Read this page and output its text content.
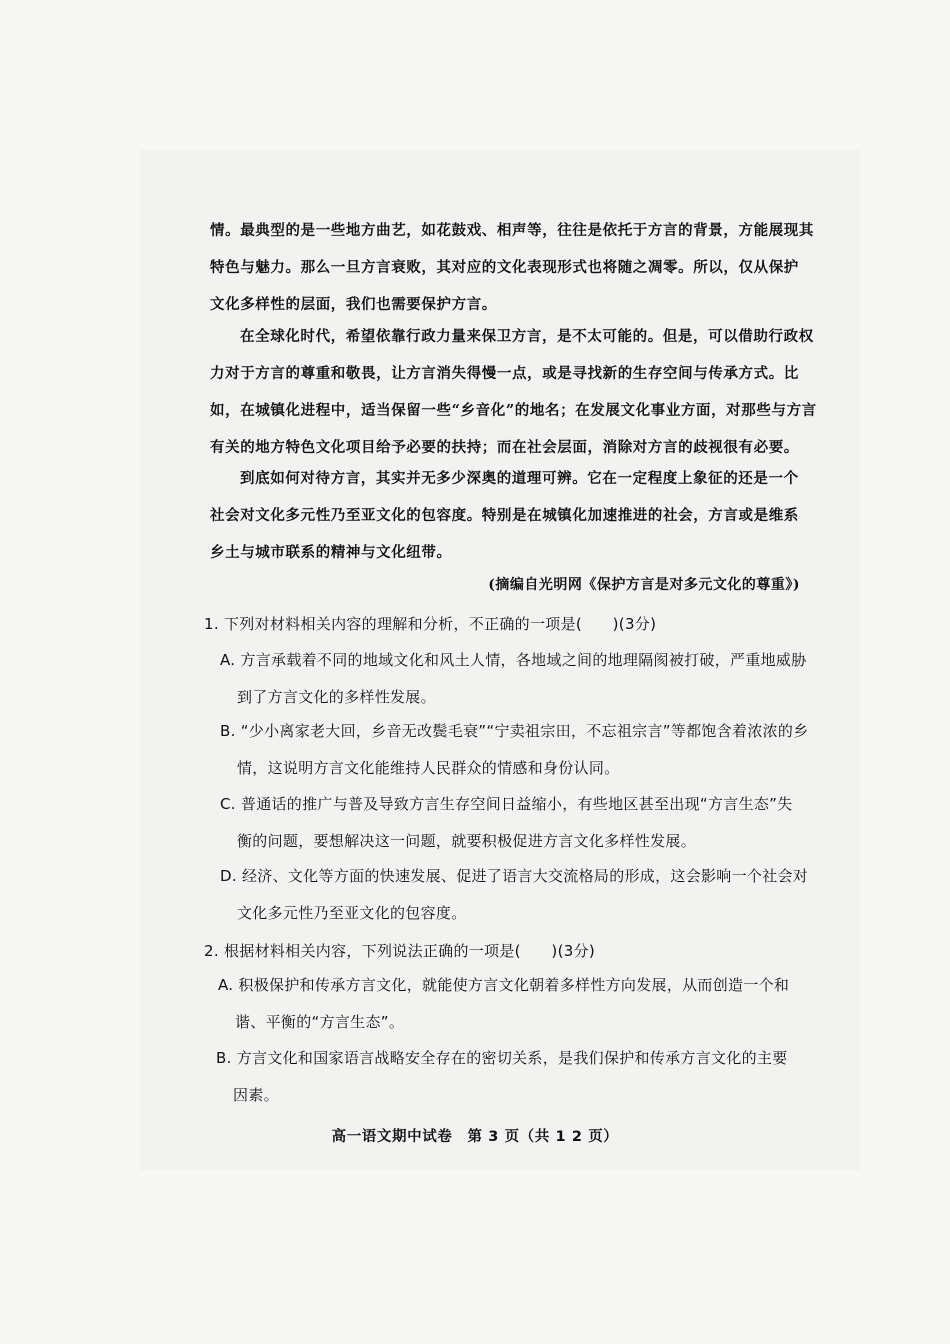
情。最典型的是一些地方曲艺，如花鼓戏、相声等，往往是依托于方言的背景，方能展现其
特色与魅力。那么一旦方言衰败，其对应的文化表现形式也将随之凋零。所以，仅从保护
文化多样性的层面，我们也需要保护方言。
在全球化时代，希望依靠行政力量来保卫方言，是不太可能的。但是，可以借助行政权
力对于方言的尊重和敬畏，让方言消失得慢一点，或是寻找新的生存空间与传承方式。比
如，在城镇化进程中，适当保留一些“乡音化”的地名；在发展文化事业方面，对那些与方言
有关的地方特色文化项目给予必要的扶持；而在社会层面，消除对方言的歧视很有必要。
到底如何对待方言，其实并无多少深奥的道理可辨。它在一定程度上象征的还是一个
社会对文化多元性乃至亚文化的包容度。特别是在城镇化加速推进的社会，方言或是维系
乡土与城市联系的精神与文化纽带。
(摘编自光明网《保护方言是对多元文化的尊重》)
1. 下列对材料相关内容的理解和分析，不正确的一项是(　　)(3分)
A. 方言承载着不同的地域文化和风土人情，各地域之间的地理隔阂被打破，严重地威胁
到了方言文化的多样性发展。
B. “少小离家老大回，乡音无改鬓毛衰”“宁卖祖宗田，不忘祖宗言”等都饱含着浓浓的乡
情，这说明方言文化能维持人民群众的情感和身份认同。
C. 普通话的推广与普及导致方言生存空间日益缩小，有些地区甚至出现“方言生态”失
衡的问题，要想解决这一问题，就要积极促进方言文化多样性发展。
D. 经济、文化等方面的快速发展、促进了语言大交流格局的形成，这会影响一个社会对
文化多元性乃至亚文化的包容度。
2. 根据材料相关内容，下列说法正确的一项是(　　)(3分)
A. 积极保护和传承方言文化，就能使方言文化朝着多样性方向发展，从而创造一个和
谐、平衡的“方言生态”。
B. 方言文化和国家语言战略安全存在的密切关系，是我们保护和传承方言文化的主要
因素。
高一语文期中试卷　第 3 页（共 1 2 页）
